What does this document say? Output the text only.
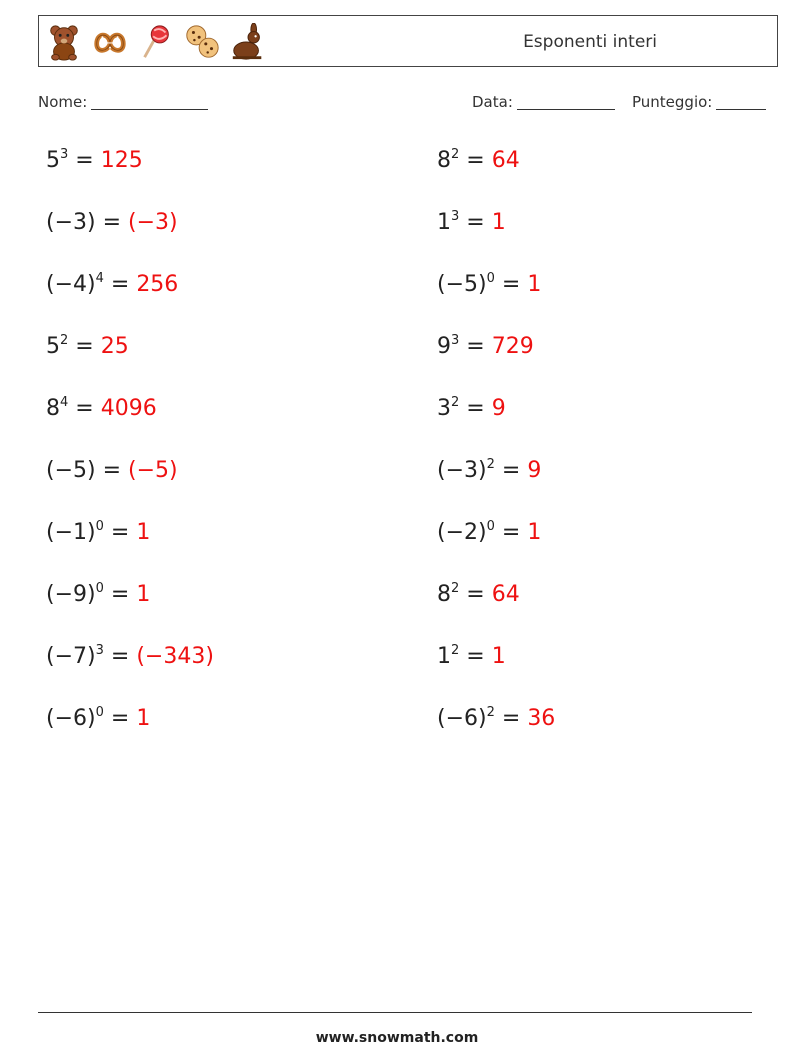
Esponenti interi
Nome:	Data:	Punteggio:
$5^3 = 125$	$8^2 = 64$
(−3) = (−3)	$1^3 = 1$
$(-4)^4 = 256$	$(-5)^0 = 1$
$5^2 = 25$	$9^3 = 729$
$8^4 = 4096$	$3^2 = 9$
(−5) = (−5)	$(-3)^2 = 9$
$(-1)^0 = 1$	$(-2)^0 = 1$
$(-9)^0 = 1$	$8^2 = 64$
$(-7)^3 = (-343)$	$1^2 = 1$
$(-6)^0 = 1$	$(-6)^2 = 36$
www.snowmath.com
